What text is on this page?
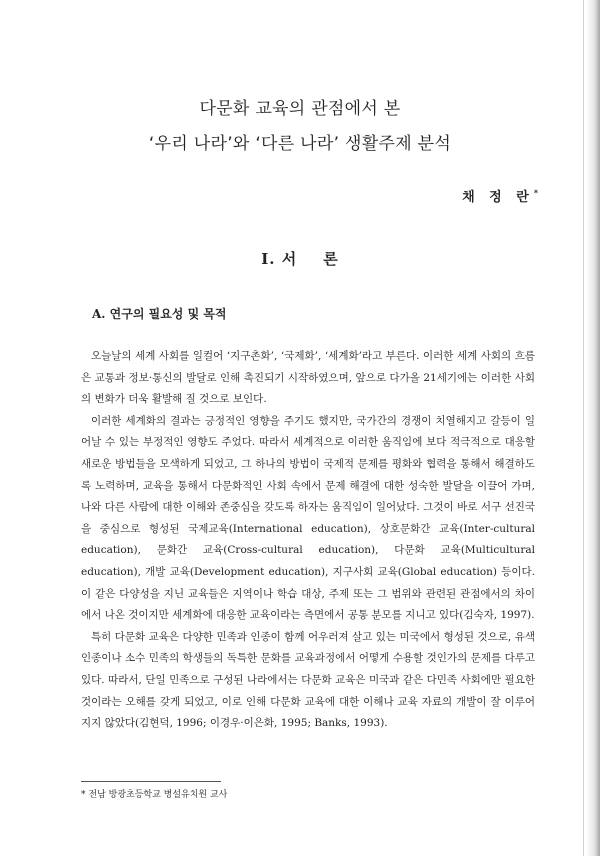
다문화 교육의 관점에서 본
‘우리 나라’와 ‘다른 나라’ 생활주제 분석
채 정 란*
I. 서 론
A. 연구의 필요성 및 목적

오늘날의 세계 사회를 일컬어 ‘지구촌화’, ‘국제화’, ‘세계화’라고 부른다. 이러한 세계 사회의 흐름은 교통과 정보·통신의 발달로 인해 촉진되기 시작하였으며, 앞으로 다가올 21세기에는 이러한 사회의 변화가 더욱 활발해 질 것으로 보인다.

이러한 세계화의 결과는 긍정적인 영향을 주기도 했지만, 국가간의 경쟁이 치열해지고 갈등이 일어날 수 있는 부정적인 영향도 주었다. 따라서 세계적으로 이러한 움직임에 보다 적극적으로 대응할 새로운 방법들을 모색하게 되었고, 그 하나의 방법이 국제적 문제를 평화와 협력을 통해서 해결하도록 노력하며, 교육을 통해서 다문화적인 사회 속에서 문제 해결에 대한 성숙한 발달을 이끌어 가며, 나와 다른 사람에 대한 이해와 존중심을 갖도록 하자는 움직임이 일어났다. 그것이 바로 서구 선진국을 중심으로 형성된 국제교육(International education), 상호문화간 교육(Inter-cultural education), 문화간 교육(Cross-cultural education), 다문화 교육(Multicultural education), 개발 교육(Development education), 지구사회 교육(Global education) 등이다. 이 같은 다양성을 지닌 교육들은 지역이나 학습 대상, 주제 또는 그 범위와 관련된 관점에서의 차이에서 나온 것이지만 세계화에 대응한 교육이라는 측면에서 공통 분모를 지니고 있다(김숙자, 1997).

특히 다문화 교육은 다양한 민족과 인종이 함께 어우러져 살고 있는 미국에서 형성된 것으로, 유색인종이나 소수 민족의 학생들의 독특한 문화를 교육과정에서 어떻게 수용할 것인가의 문제를 다루고 있다. 따라서, 단일 민족으로 구성된 나라에서는 다문화 교육은 미국과 같은 다민족 사회에만 필요한 것이라는 오해를 갖게 되었고, 이로 인해 다문화 교육에 대한 이해나 교육 자료의 개발이 잘 이루어지지 않았다(김현덕, 1996; 이경우·이은화, 1995; Banks, 1993).

* 전남 방광초등학교 병설유치원 교사
